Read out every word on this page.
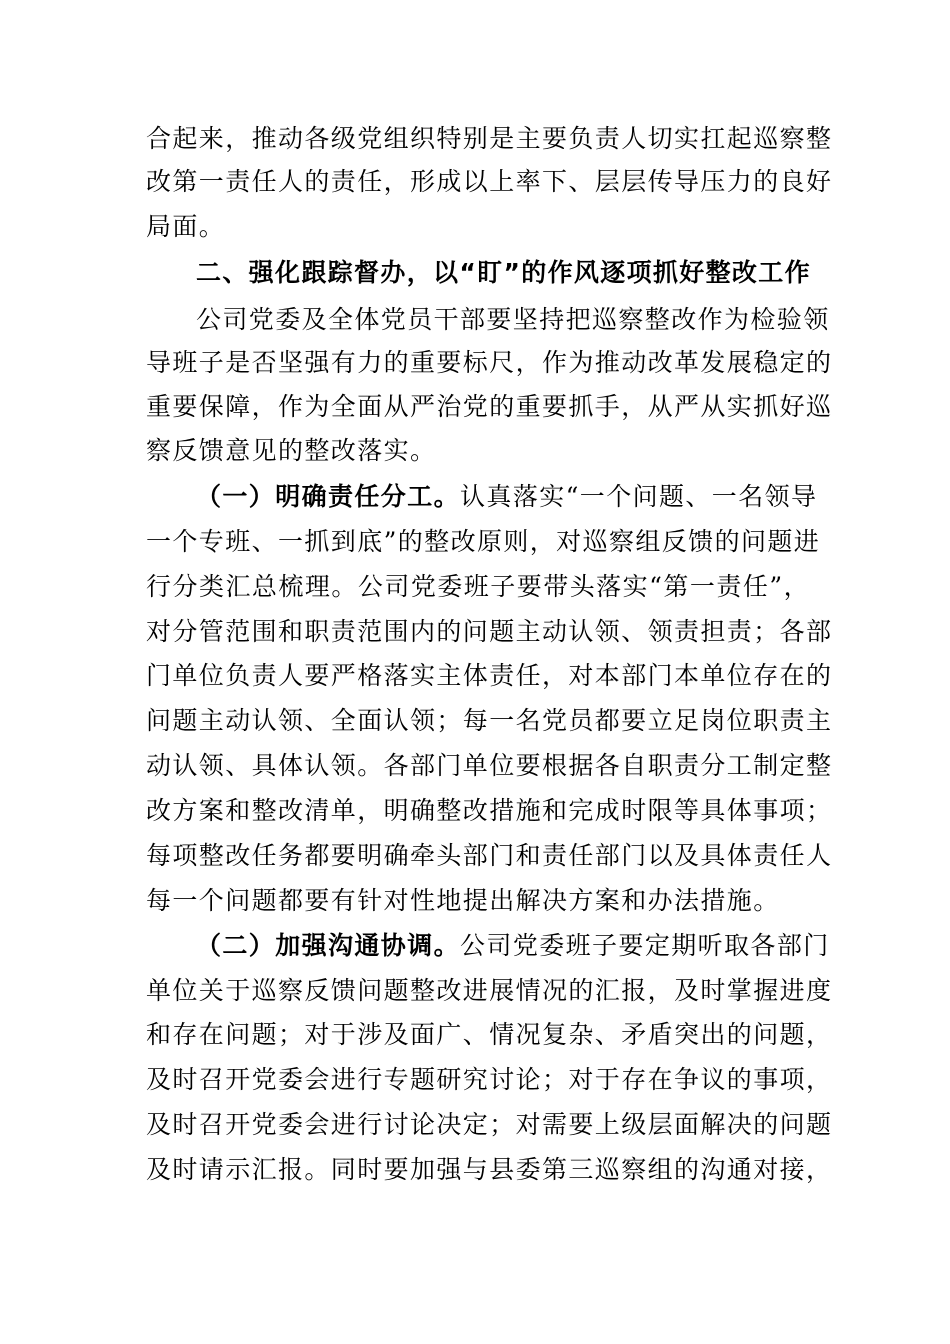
合起来，推动各级党组织特别是主要负责人切实扛起巡察整
改第一责任人的责任，形成以上率下、层层传导压力的良好
局面。
二、强化跟踪督办，以“盯”的作风逐项抓好整改工作
公司党委及全体党员干部要坚持把巡察整改作为检验领
导班子是否坚强有力的重要标尺，作为推动改革发展稳定的
重要保障，作为全面从严治党的重要抓手，从严从实抓好巡
察反馈意见的整改落实。
（一）明确责任分工。认真落实“一个问题、一名领导
一个专班、一抓到底”的整改原则，对巡察组反馈的问题进
行分类汇总梳理。公司党委班子要带头落实“第一责任”，
对分管范围和职责范围内的问题主动认领、领责担责；各部
门单位负责人要严格落实主体责任，对本部门本单位存在的
问题主动认领、全面认领；每一名党员都要立足岗位职责主
动认领、具体认领。各部门单位要根据各自职责分工制定整
改方案和整改清单，明确整改措施和完成时限等具体事项；
每项整改任务都要明确牵头部门和责任部门以及具体责任人
每一个问题都要有针对性地提出解决方案和办法措施。
（二）加强沟通协调。公司党委班子要定期听取各部门
单位关于巡察反馈问题整改进展情况的汇报，及时掌握进度
和存在问题；对于涉及面广、情况复杂、矛盾突出的问题，
及时召开党委会进行专题研究讨论；对于存在争议的事项，
及时召开党委会进行讨论决定；对需要上级层面解决的问题
及时请示汇报。同时要加强与县委第三巡察组的沟通对接，
